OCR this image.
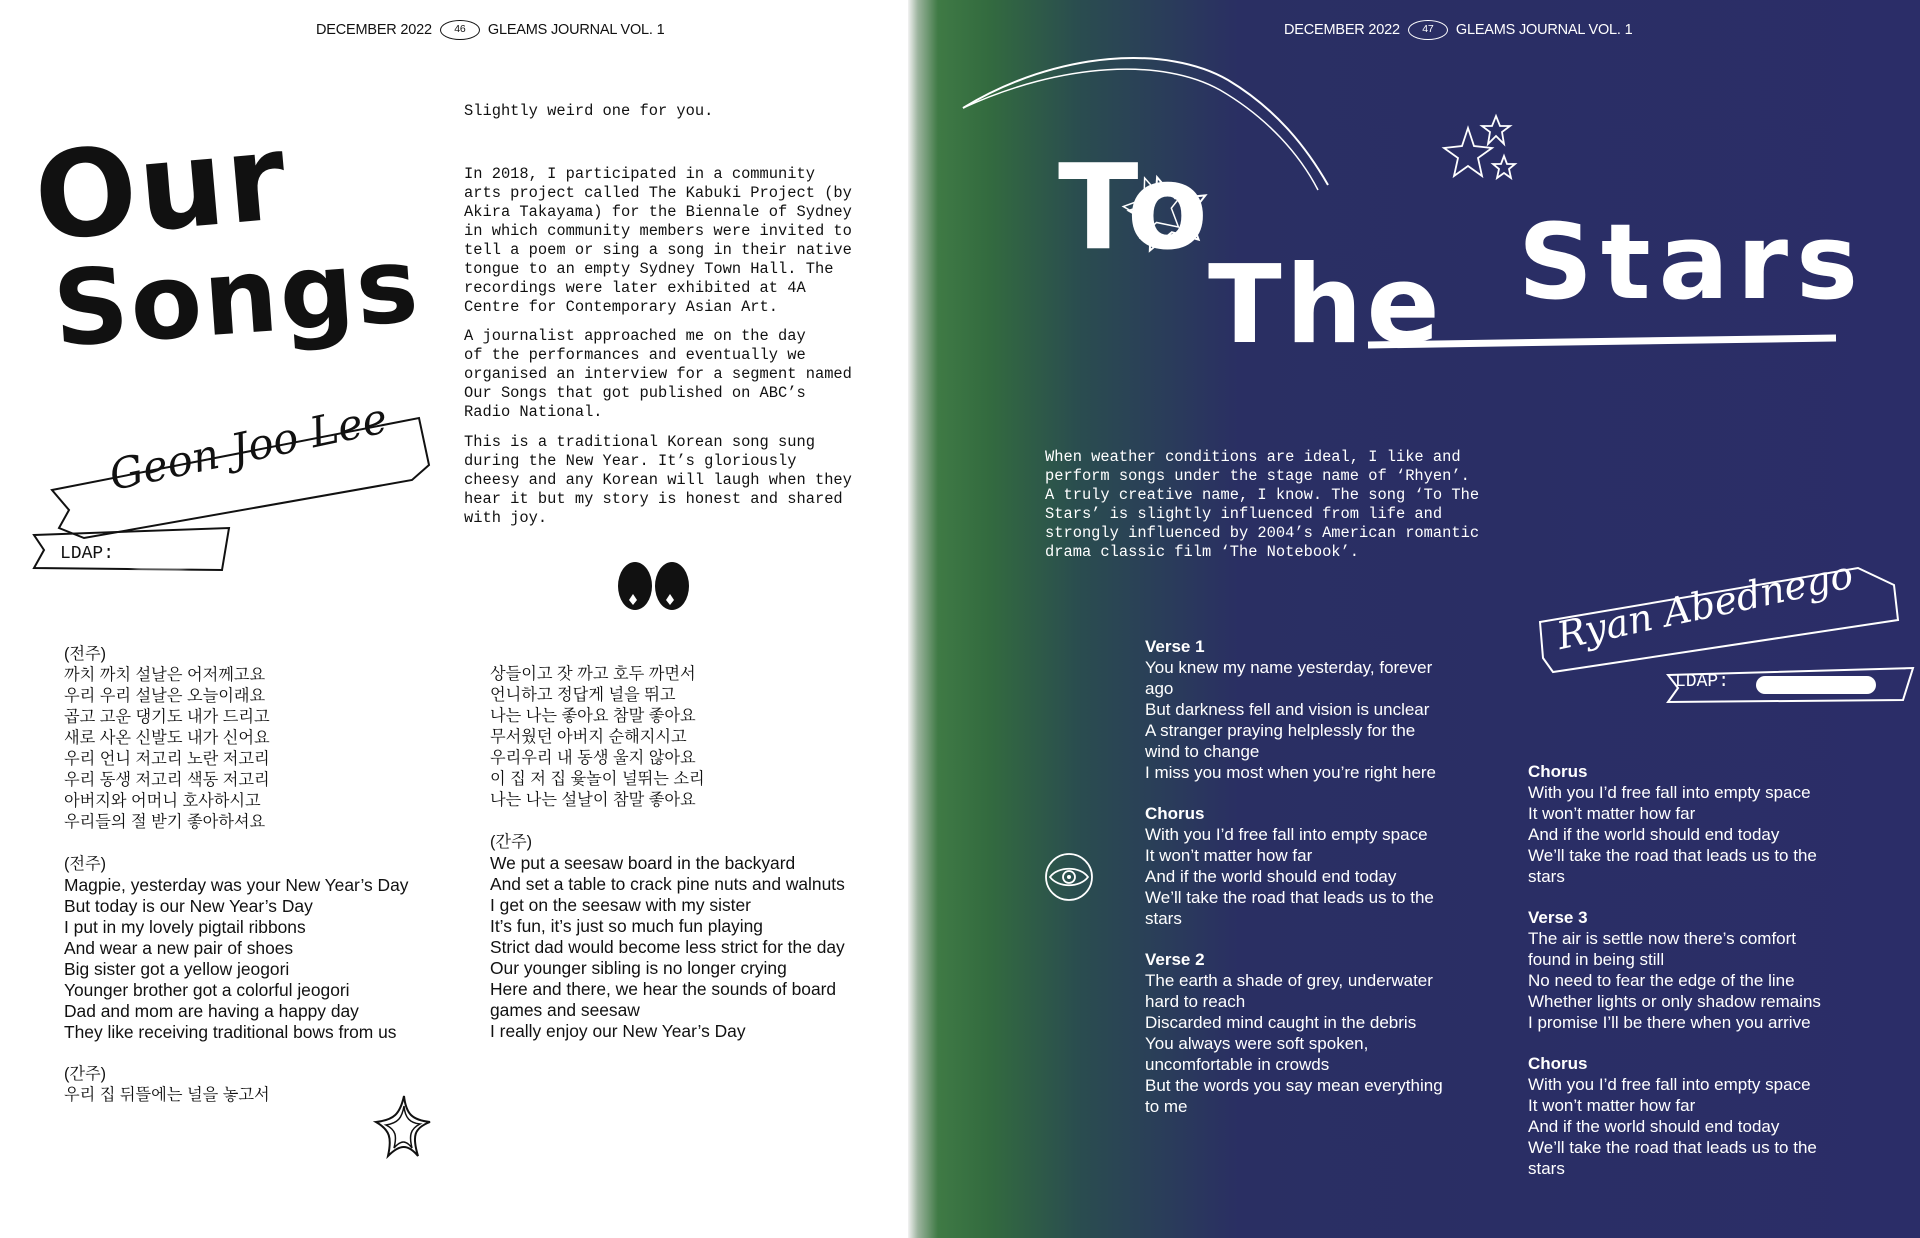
DECEMBER 2022	46	GLEAMS JOURNAL VOL. 1
Our
Songs
Geon Joo Lee
LDAP:
Slightly weird one for you.
In 2018, I participated in a community
arts project called The Kabuki Project (by
Akira Takayama) for the Biennale of Sydney
in which community members were invited to
tell a poem or sing a song in their native
tongue to an empty Sydney Town Hall. The
recordings were later exhibited at 4A
Centre for Contemporary Asian Art.
A journalist approached me on the day
of the performances and eventually we
organised an interview for a segment named
Our Songs that got published on ABC’s
Radio National.
This is a traditional Korean song sung
during the New Year. It’s gloriously
cheesy and any Korean will laugh when they
hear it but my story is honest and shared
with joy.
(전주)
까치 까치 설날은 어저께고요
우리 우리 설날은 오늘이래요
곱고 고운 댕기도 내가 드리고
새로 사온 신발도 내가 신어요
우리 언니 저고리 노란 저고리
우리 동생 저고리 색동 저고리
아버지와 어머니 호사하시고
우리들의 절 받기 좋아하셔요
(전주)
Magpie, yesterday was your New Year’s Day
But today is our New Year’s Day
I put in my lovely pigtail ribbons
And wear a new pair of shoes
Big sister got a yellow jeogori
Younger brother got a colorful jeogori
Dad and mom are having a happy day
They like receiving traditional bows from us
(간주)
우리 집 뒤뜰에는 널을 놓고서
상들이고 잣 까고 호두 까면서
언니하고 정답게 널을 뛰고
나는 나는 좋아요 참말 좋아요
무서웠던 아버지 순해지시고
우리우리 내 동생 울지 않아요
이 집 저 집 윷놀이 널뛰는 소리
나는 나는 설날이 참말 좋아요
(간주)
We put a seesaw board in the backyard
And set a table to crack pine nuts and walnuts
I get on the seesaw with my sister
It’s fun, it’s just so much fun playing
Strict dad would become less strict for the day
Our younger sibling is no longer crying
Here and there, we hear the sounds of board
games and seesaw
I really enjoy our New Year’s Day
DECEMBER 2022	47	GLEAMS JOURNAL VOL. 1
To
The Stars
When weather conditions are ideal, I like and
perform songs under the stage name of ‘Rhyen’.
A truly creative name, I know. The song ‘To The
Stars’ is slightly influenced from life and
strongly influenced by 2004’s American romantic
drama classic film ‘The Notebook’.
Ryan Abednego
LDAP:
Verse 1
You knew my name yesterday, forever
ago
But darkness fell and vision is unclear
A stranger praying helplessly for the
wind to change
I miss you most when you’re right here
Chorus
With you I’d free fall into empty space
It won’t matter how far
And if the world should end today
We’ll take the road that leads us to the
stars
Verse 2
The earth a shade of grey, underwater
hard to reach
Discarded mind caught in the debris
You always were soft spoken,
uncomfortable in crowds
But the words you say mean everything
to me
Chorus
With you I’d free fall into empty space
It won’t matter how far
And if the world should end today
We’ll take the road that leads us to the
stars
Verse 3
The air is settle now there’s comfort
found in being still
No need to fear the edge of the line
Whether lights or only shadow remains
I promise I’ll be there when you arrive
Chorus
With you I’d free fall into empty space
It won’t matter how far
And if the world should end today
We’ll take the road that leads us to the
stars
